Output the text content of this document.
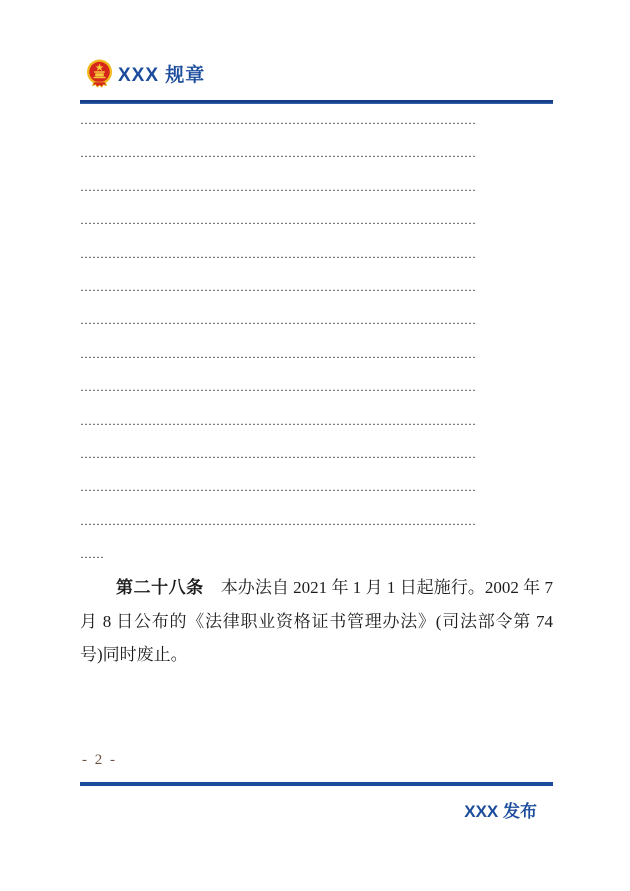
XXX 规章
………………………………………………………………………………………
………………………………………………………………………………………
………………………………………………………………………………………
………………………………………………………………………………………
………………………………………………………………………………………
………………………………………………………………………………………
………………………………………………………………………………………
………………………………………………………………………………………
………………………………………………………………………………………
………………………………………………………………………………………
………………………………………………………………………………………
………………………………………………………………………………………
………………………………………………………………………………………
……

第二十八条　本办法自 2021 年 1 月 1 日起施行。2002 年 7 月 8 日公布的《法律职业资格证书管理办法》(司法部令第 74 号)同时废止。

- 2 -
XXX 发布
